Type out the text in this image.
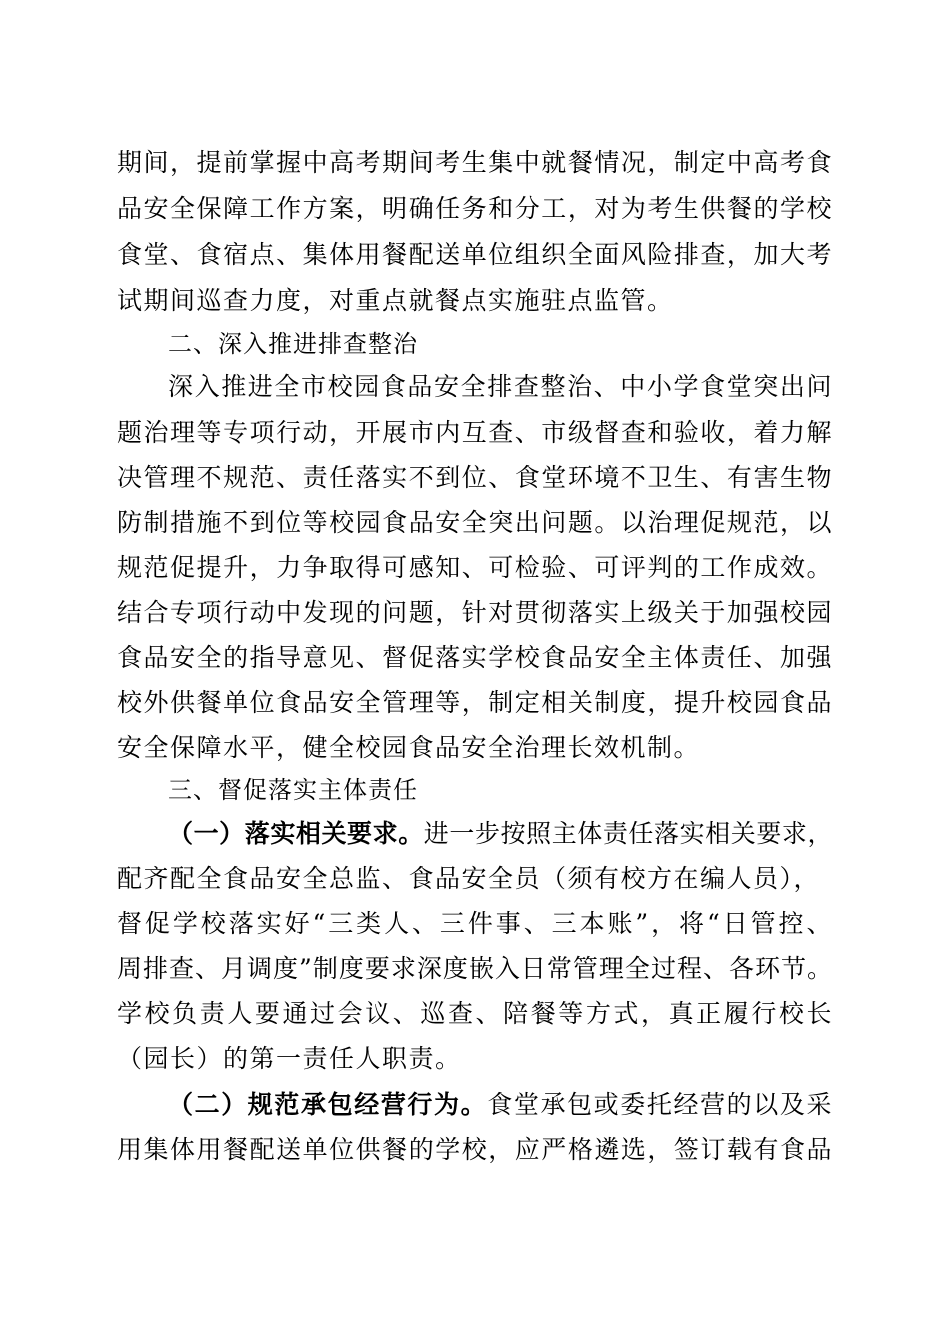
期间，提前掌握中高考期间考生集中就餐情况，制定中高考食
品安全保障工作方案，明确任务和分工，对为考生供餐的学校
食堂、食宿点、集体用餐配送单位组织全面风险排查，加大考
试期间巡查力度，对重点就餐点实施驻点监管。
二、深入推进排查整治
深入推进全市校园食品安全排查整治、中小学食堂突出问
题治理等专项行动，开展市内互查、市级督查和验收，着力解
决管理不规范、责任落实不到位、食堂环境不卫生、有害生物
防制措施不到位等校园食品安全突出问题。以治理促规范，以
规范促提升，力争取得可感知、可检验、可评判的工作成效。
结合专项行动中发现的问题，针对贯彻落实上级关于加强校园
食品安全的指导意见、督促落实学校食品安全主体责任、加强
校外供餐单位食品安全管理等，制定相关制度，提升校园食品
安全保障水平，健全校园食品安全治理长效机制。
三、督促落实主体责任
（一）落实相关要求。进一步按照主体责任落实相关要求，
配齐配全食品安全总监、食品安全员（须有校方在编人员），
督促学校落实好“三类人、三件事、三本账”，将“日管控、
周排查、月调度”制度要求深度嵌入日常管理全过程、各环节。
学校负责人要通过会议、巡查、陪餐等方式，真正履行校长
（园长）的第一责任人职责。
（二）规范承包经营行为。食堂承包或委托经营的以及采
用集体用餐配送单位供餐的学校，应严格遴选，签订载有食品
